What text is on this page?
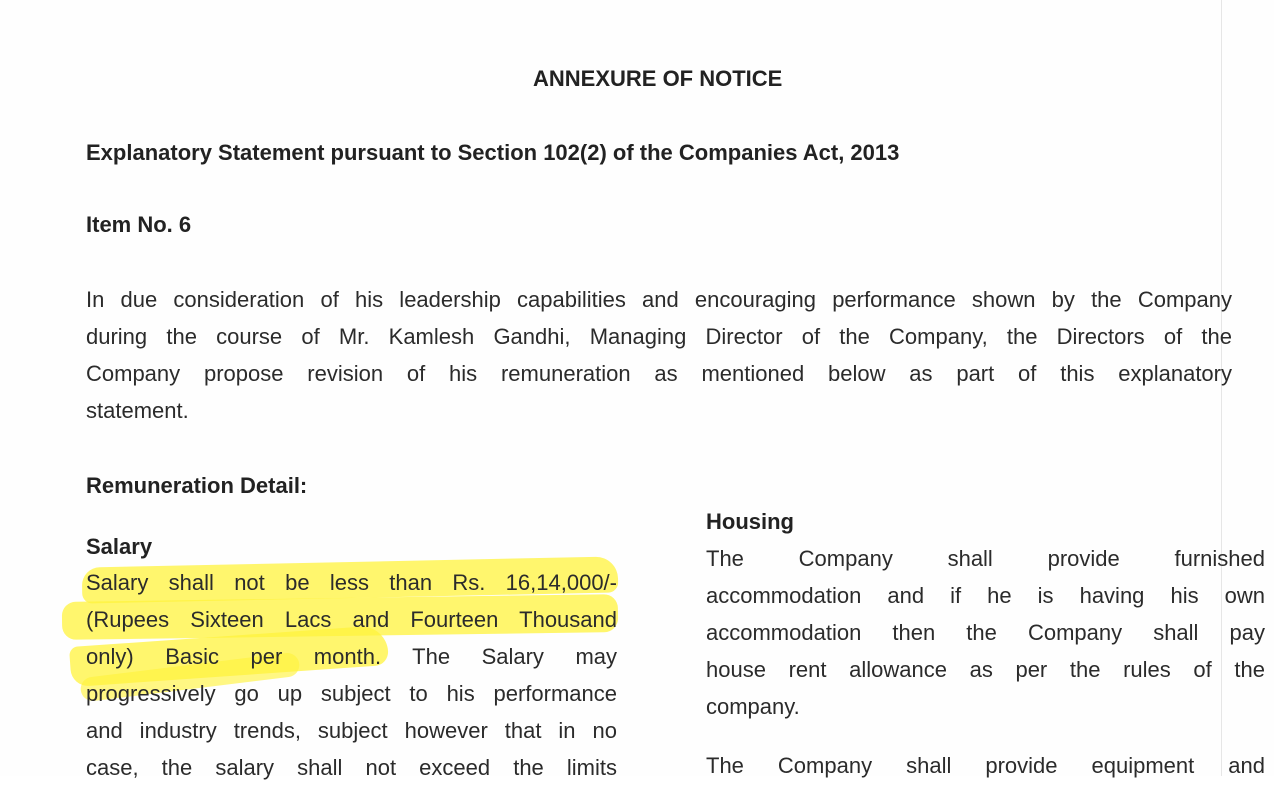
ANNEXURE OF NOTICE

Explanatory Statement pursuant to Section 102(2) of the Companies Act, 2013

Item No. 6

In due consideration of his leadership capabilities and encouraging performance shown by the Company
during the course of Mr. Kamlesh Gandhi, Managing Director of the Company, the Directors of the
Company propose revision of his remuneration as mentioned below as part of this explanatory
statement.

Remuneration Detail:

Salary

Salary shall not be less than Rs. 16,14,000/-
(Rupees Sixteen Lacs and Fourteen Thousand
only) Basic per month. The Salary may
progressively go up subject to his performance
and industry trends, subject however that in no
case, the salary shall not exceed the limits

Housing

The Company shall provide furnished
accommodation and if he is having his own
accommodation then the Company shall pay
house rent allowance as per the rules of the
company.
The Company shall provide equipment and
